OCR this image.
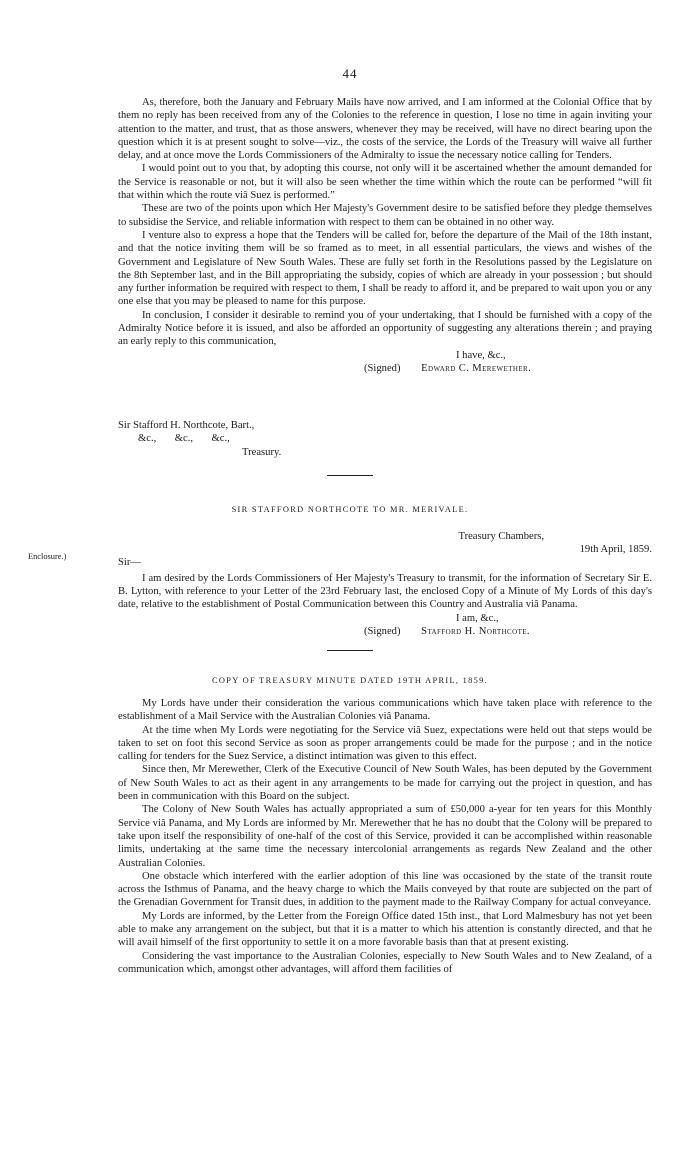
44

As, therefore, both the January and February Mails have now arrived, and I am informed at the Colonial Office that by them no reply has been received from any of the Colonies to the reference in question, I lose no time in again inviting your attention to the matter, and trust, that as those answers, whenever they may be received, will have no direct bearing upon the question which it is at present sought to solve—viz., the costs of the service, the Lords of the Treasury will waive all further delay, and at once move the Lords Commissioners of the Admiralty to issue the necessary notice calling for Tenders.

I would point out to you that, by adopting this course, not only will it be ascertained whether the amount demanded for the Service is reasonable or not, but it will also be seen whether the time within which the route can be performed “will fit that within which the route viâ Suez is performed.”

These are two of the points upon which Her Majesty's Government desire to be satisfied before they pledge themselves to subsidise the Service, and reliable information with respect to them can be obtained in no other way.

I venture also to express a hope that the Tenders will be called for, before the departure of the Mail of the 18th instant, and that the notice inviting them will be so framed as to meet, in all essential particulars, the views and wishes of the Government and Legislature of New South Wales. These are fully set forth in the Resolutions passed by the Legislature on the 8th September last, and in the Bill appropriating the subsidy, copies of which are already in your possession ; but should any further information be required with respect to them, I shall be ready to afford it, and be prepared to wait upon you or any one else that you may be pleased to name for this purpose.

In conclusion, I consider it desirable to remind you of your undertaking, that I should be furnished with a copy of the Admiralty Notice before it is issued, and also be afforded an opportunity of suggesting any alterations therein ; and praying an early reply to this communication,

I have, &c.,
(Signed) Edward C. Merewether.
Sir Stafford H. Northcote, Bart.,
&c.,       &c.,       &c.,
Treasury.
SIR STAFFORD NORTHCOTE TO MR. MERIVALE.
Treasury Chambers,
19th April, 1859.
Sir—

I am desired by the Lords Commissioners of Her Majesty's Treasury to transmit, for the information of Secretary Sir E. B. Lytton, with reference to your Letter of the 23rd February last, the enclosed Copy of a Minute of My Lords of this day's date, relative to the establishment of Postal Communication between this Country and Australia viâ Panama.

I am, &c.,
(Signed) Stafford H. Northcote.
Enclosure.)
COPY OF TREASURY MINUTE DATED 19TH APRIL, 1859.

My Lords have under their consideration the various communications which have taken place with reference to the establishment of a Mail Service with the Australian Colonies viâ Panama.

At the time when My Lords were negotiating for the Service viâ Suez, expectations were held out that steps would be taken to set on foot this second Service as soon as proper arrangements could be made for the purpose ; and in the notice calling for tenders for the Suez Service, a distinct intimation was given to this effect.

Since then, Mr Merewether, Clerk of the Executive Council of New South Wales, has been deputed by the Government of New South Wales to act as their agent in any arrangements to be made for carrying out the project in question, and has been in communication with this Board on the subject.

The Colony of New South Wales has actually appropriated a sum of £50,000 a-year for ten years for this Monthly Service viâ Panama, and My Lords are informed by Mr. Merewether that he has no doubt that the Colony will be prepared to take upon itself the responsibility of one-half of the cost of this Service, provided it can be accomplished within reasonable limits, undertaking at the same time the necessary intercolonial arrangements as regards New Zealand and the other Australian Colonies.

One obstacle which interfered with the earlier adoption of this line was occasioned by the state of the transit route across the Isthmus of Panama, and the heavy charge to which the Mails conveyed by that route are subjected on the part of the Grenadian Government for Transit dues, in addition to the payment made to the Railway Company for actual conveyance.

My Lords are informed, by the Letter from the Foreign Office dated 15th inst., that Lord Malmesbury has not yet been able to make any arrangement on the subject, but that it is a matter to which his attention is constantly directed, and that he will avail himself of the first opportunity to settle it on a more favorable basis than that at present existing.

Considering the vast importance to the Australian Colonies, especially to New South Wales and to New Zealand, of a communication which, amongst other advantages, will afford them facilities of
